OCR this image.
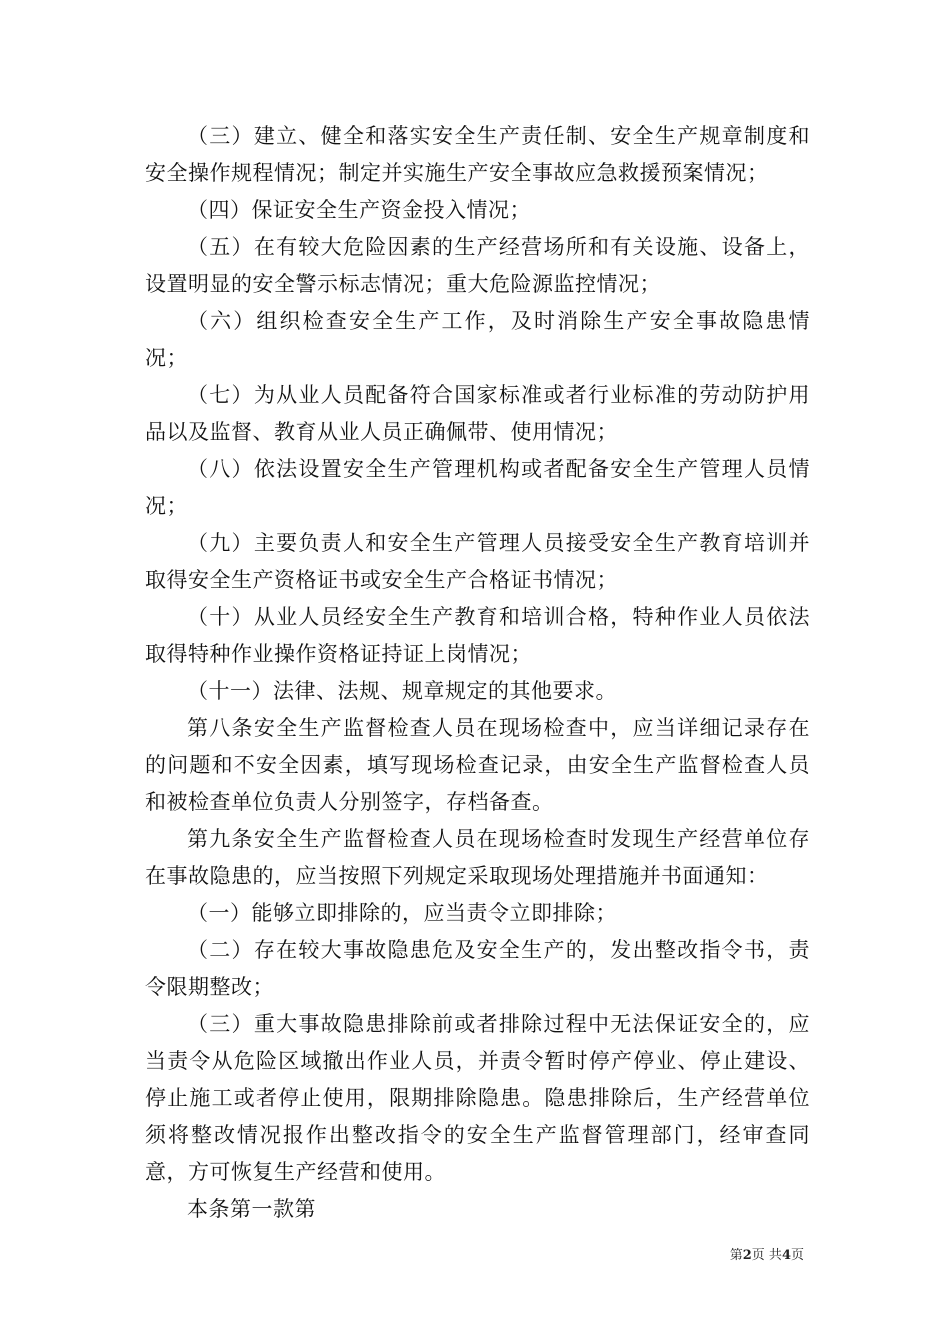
（三）建立、健全和落实安全生产责任制、安全生产规章制度和安全操作规程情况；制定并实施生产安全事故应急救援预案情况；

（四）保证安全生产资金投入情况；

（五）在有较大危险因素的生产经营场所和有关设施、设备上，设置明显的安全警示标志情况；重大危险源监控情况；

（六）组织检查安全生产工作，及时消除生产安全事故隐患情况；

（七）为从业人员配备符合国家标准或者行业标准的劳动防护用品以及监督、教育从业人员正确佩带、使用情况；

（八）依法设置安全生产管理机构或者配备安全生产管理人员情况；

（九）主要负责人和安全生产管理人员接受安全生产教育培训并取得安全生产资格证书或安全生产合格证书情况；

（十）从业人员经安全生产教育和培训合格，特种作业人员依法取得特种作业操作资格证持证上岗情况；

（十一）法律、法规、规章规定的其他要求。

第八条安全生产监督检查人员在现场检查中，应当详细记录存在的问题和不安全因素，填写现场检查记录，由安全生产监督检查人员和被检查单位负责人分别签字，存档备查。

第九条安全生产监督检查人员在现场检查时发现生产经营单位存在事故隐患的，应当按照下列规定采取现场处理措施并书面通知：

（一）能够立即排除的，应当责令立即排除；

（二）存在较大事故隐患危及安全生产的，发出整改指令书，责令限期整改；

（三）重大事故隐患排除前或者排除过程中无法保证安全的，应当责令从危险区域撤出作业人员，并责令暂时停产停业、停止建设、停止施工或者停止使用，限期排除隐患。隐患排除后，生产经营单位须将整改情况报作出整改指令的安全生产监督管理部门，经审查同意，方可恢复生产经营和使用。

本条第一款第

第2页 共4页
